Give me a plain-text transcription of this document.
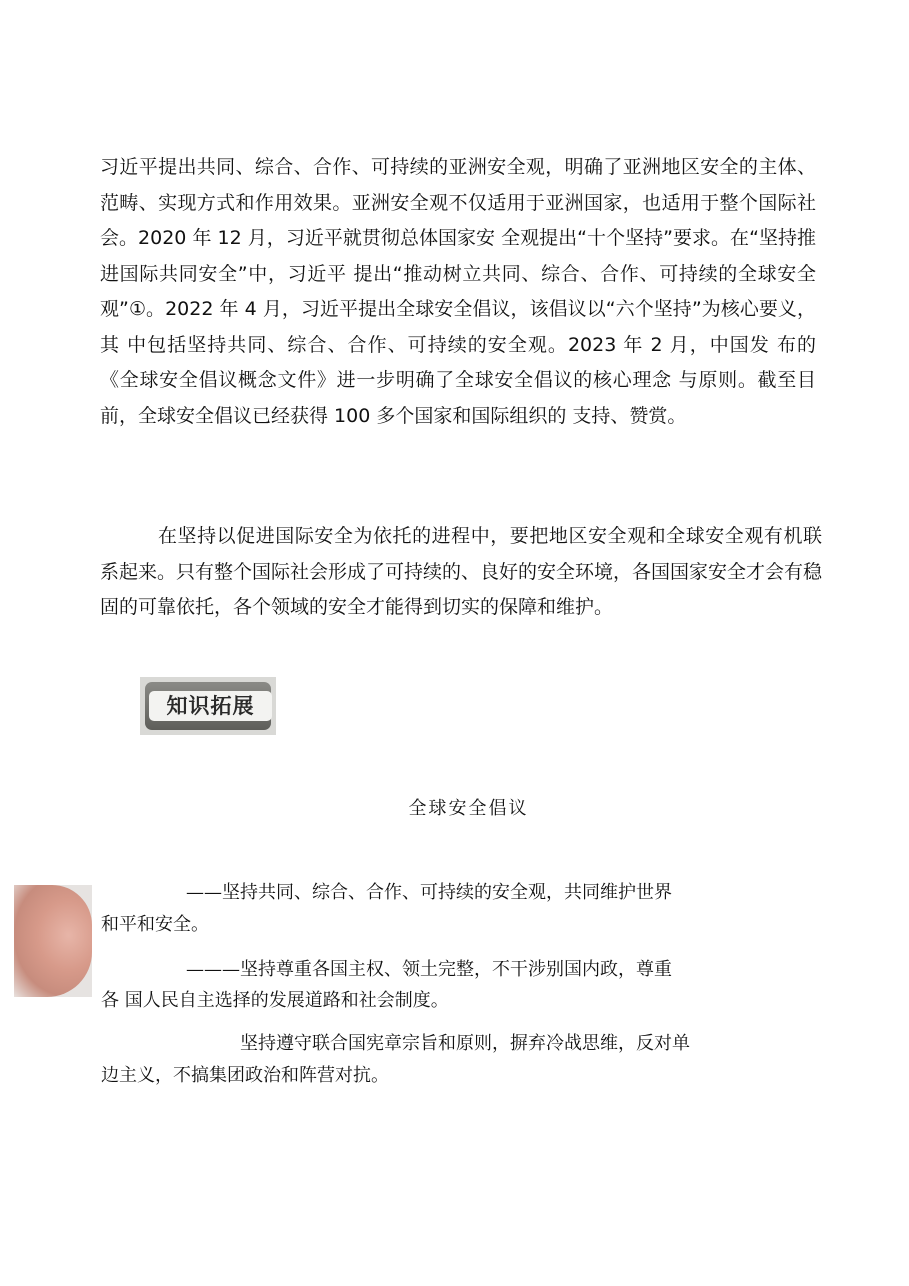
习近平提出共同、综合、合作、可持续的亚洲安全观，明确了亚洲地区安全的主体、范畴、实现方式和作用效果。亚洲安全观不仅适用于亚洲国家，也适用于整个国际社会。2020 年 12 月，习近平就贯彻总体国家安 全观提出“十个坚持”要求。在“坚持推进国际共同安全”中，习近平 提出“推动树立共同、综合、合作、可持续的全球安全观”①。2022 年 4 月，习近平提出全球安全倡议，该倡议以“六个坚持”为核心要义，其 中包括坚持共同、综合、合作、可持续的安全观。2023 年 2 月，中国发 布的《全球安全倡议概念文件》进一步明确了全球安全倡议的核心理念 与原则。截至目前，全球安全倡议已经获得 100 多个国家和国际组织的 支持、赞赏。

在坚持以促进国际安全为依托的进程中，要把地区安全观和全球安全观有机联系起来。只有整个国际社会形成了可持续的、良好的安全环境，各国国家安全才会有稳固的可靠依托，各个领域的安全才能得到切实的保障和维护。

知识拓展
全球安全倡议

——坚持共同、综合、合作、可持续的安全观，共同维护世界

和平和安全。

———坚持尊重各国主权、领土完整，不干涉别国内政，尊重

各 国人民自主选择的发展道路和社会制度。

坚持遵守联合国宪章宗旨和原则，摒弃冷战思维，反对单

边主义，不搞集团政治和阵营对抗。
